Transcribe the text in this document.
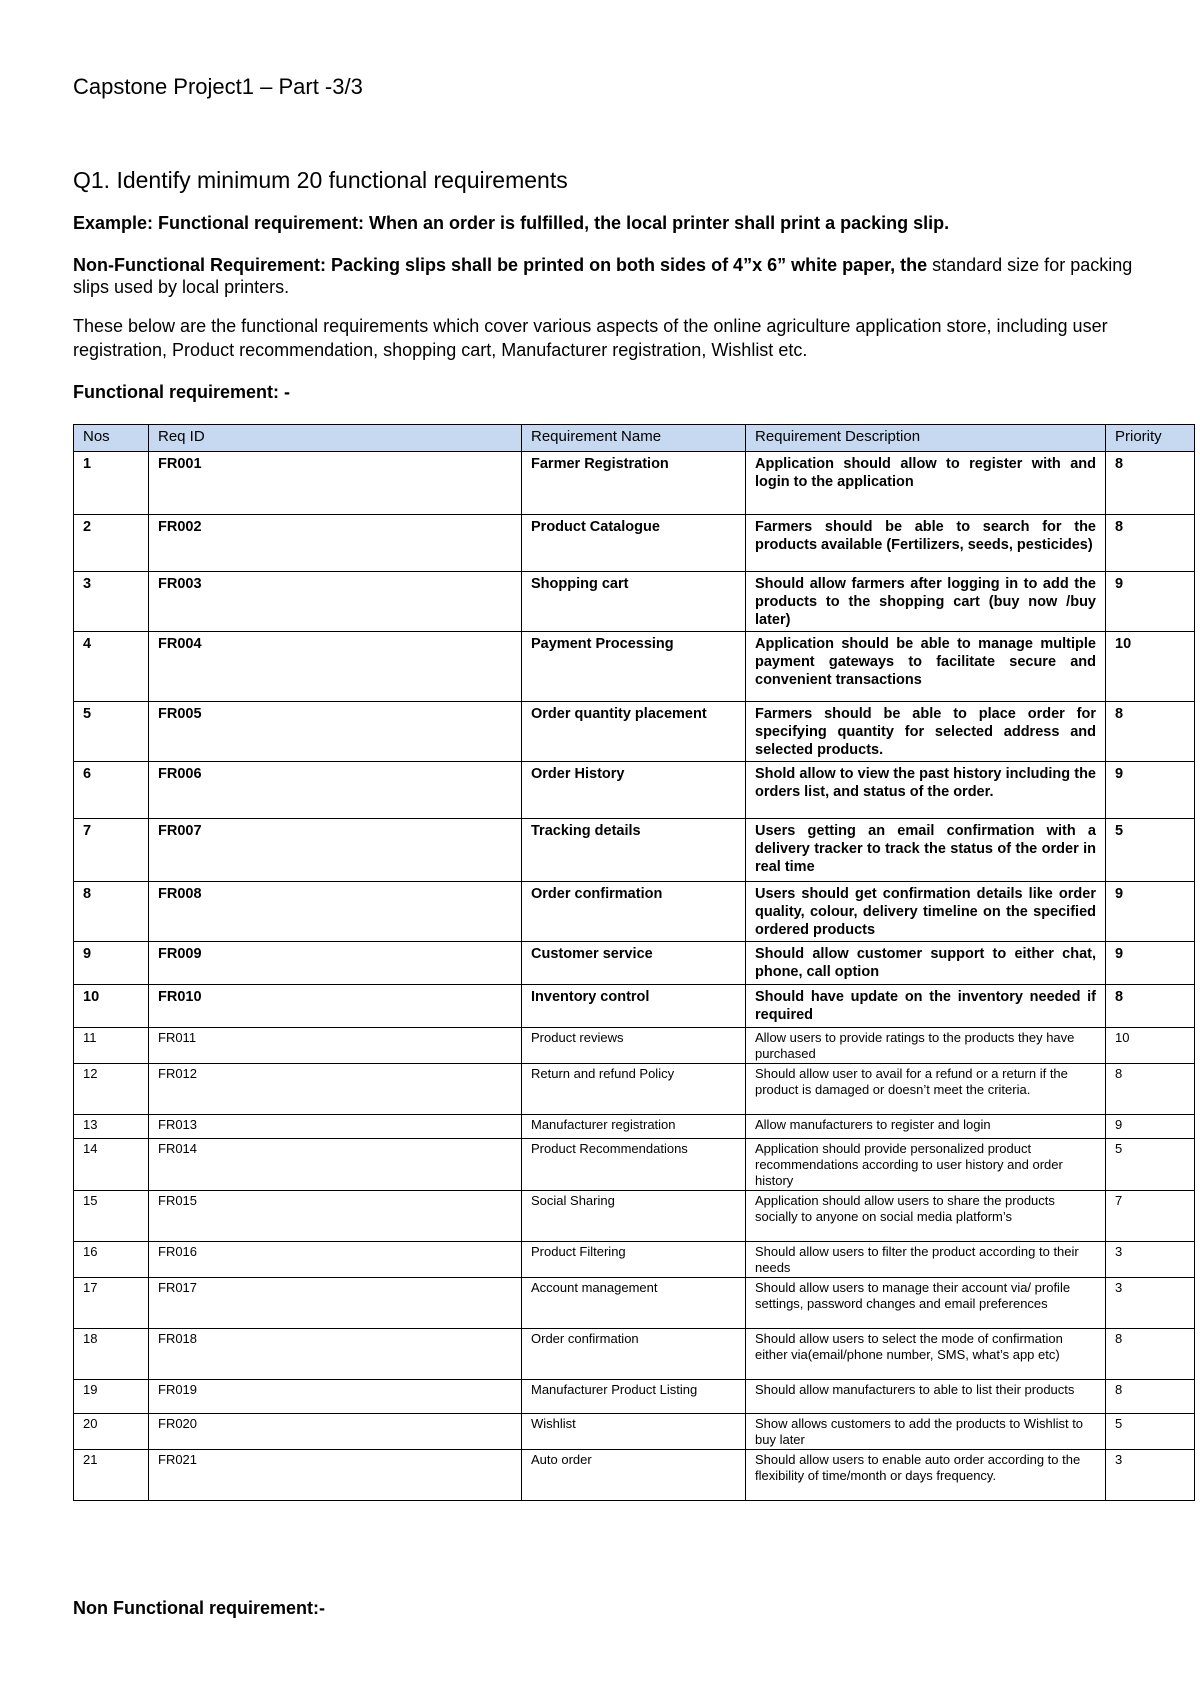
Capstone Project1 – Part -3/3
Q1. Identify minimum 20 functional requirements
Example: Functional requirement: When an order is fulfilled, the local printer shall print a packing slip.
Non-Functional Requirement: Packing slips shall be printed on both sides of 4”x 6” white paper, the standard size for packing slips used by local printers.
These below are the functional requirements which cover various aspects of the online agriculture application store, including user registration, Product recommendation, shopping cart, Manufacturer registration, Wishlist etc.
Functional requirement: -
Nos	Req ID	Requirement Name	Requirement Description	Priority
1	FR001	Farmer Registration	Application should allow to register with and login to the application	8
2	FR002	Product Catalogue	Farmers should be able to search for the products available (Fertilizers, seeds, pesticides)	8
3	FR003	Shopping cart	Should allow farmers after logging in to add the products to the shopping cart (buy now /buy later)	9
4	FR004	Payment Processing	Application should be able to manage multiple payment gateways to facilitate secure and convenient transactions	10
5	FR005	Order quantity placement	Farmers should be able to place order for specifying quantity for selected address and selected products.	8
6	FR006	Order History	Shold allow to view the past history including the orders list, and status of the order.	9
7	FR007	Tracking details	Users getting an email confirmation with a delivery tracker to track the status of the order in real time	5
8	FR008	Order confirmation	Users should get confirmation details like order quality, colour, delivery timeline on the specified ordered products	9
9	FR009	Customer service	Should allow customer support to either chat, phone, call option	9
10	FR010	Inventory control	Should have update on the inventory needed if required	8
11	FR011	Product reviews	Allow users to provide ratings to the products they have purchased	10
12	FR012	Return and refund Policy	Should allow user to avail for a refund or a return if the product is damaged or doesn’t meet the criteria.	8
13	FR013	Manufacturer registration	Allow manufacturers to register and login	9
14	FR014	Product Recommendations	Application should provide personalized product recommendations according to user history and order history	5
15	FR015	Social Sharing	Application should allow users to share the products socially to anyone on social media platform’s	7
16	FR016	Product Filtering	Should allow users to filter the product according to their needs	3
17	FR017	Account management	Should allow users to manage their account via/ profile settings, password changes and email preferences	3
18	FR018	Order confirmation	Should allow users to select the mode of confirmation either via(email/phone number, SMS, what’s app etc)	8
19	FR019	Manufacturer Product Listing	Should allow manufacturers to able to list their products	8
20	FR020	Wishlist	Show allows customers to add the products to Wishlist to buy later	5
21	FR021	Auto order	Should allow users to enable auto order according to the flexibility of time/month or days frequency.	3
Non Functional requirement:-
